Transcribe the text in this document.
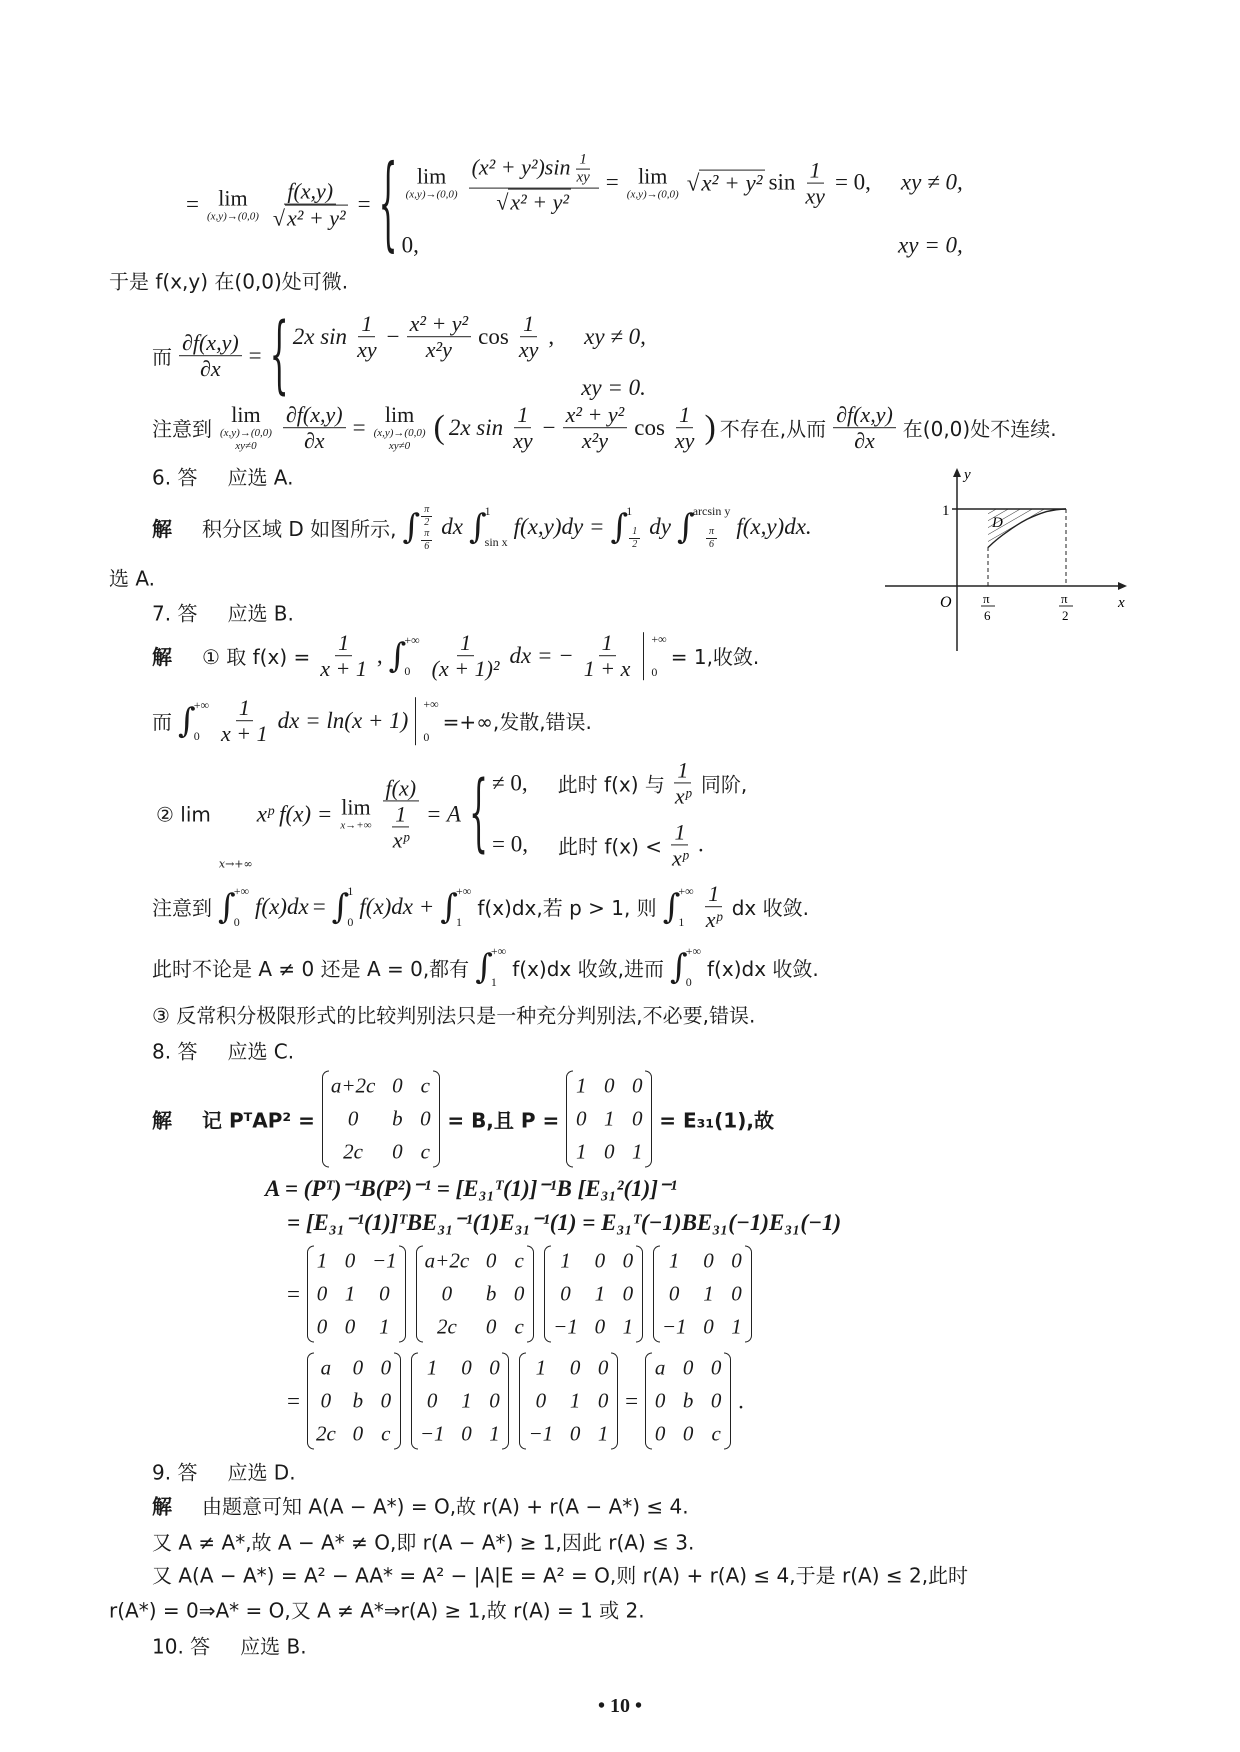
= lim
$(x,y)\to(0,0) \frac{f(x,y)}{\text{√ x² + y²}}$ = { lim
$(x,y)\to(0,0) \frac{(x^2 + y^2)\sin \frac{1}{xy}}{\text{√ x² + y²}} = \lim$
(x,y)→(0,0) √ x² + y² $\sin \frac{1}{xy} = 0$, xy ≠ 0,
0,	xy = 0,
于是 f(x,y) 在(0,0)处可微.
而 $\frac{\partial f(x,y)}{\partial x}$ = { 2x sin
1
xy
− $\frac{\text{x² + y²}}{\text{x²y}}$ cos
1
xy
, xy ≠ 0,
xy = 0.
注意到
lim
(x,y)→(0,0)
$xy\ne 0 \frac{\partial f(x,y)}{\partial x}$ =
lim
(x,y)→(0,0)
xy≠0 ( 2x sin
1
xy
− $\frac{\text{x² + y²}}{\text{x²y}}$ cos
1
xy ) 不存在,从而
∂f(x,y)
∂x 在(0,0)处不连续.
6. 答 应选 A.
解 积分区域 D 如图所示, ∫ π
2
π
6
dx ∫
1
sin x
f(x,y)dy = ∫
1
1
2
dy ∫
arcsin y
π
6
f(x,y)dx.
选 A.
y
x
O
1
D
π
6
π
2
7. 答 应选 B.
解 ① 取 $f(x) = \frac{1}{x + 1}$ , ∫
+∞
0
1
(x + 1)²
dx = − $\frac{1}{1 + x}$ +∞
0
= 1,收敛.
而 ∫
+∞
0
1
x + 1
dx = ln(x + 1)
+∞
0
=+∞,发散,错误.
② lim
x→+∞
xᵖ f(x) = lim
$x\to+\infty \frac{f(x)}{\frac{1}{\text{xᵖ}}} = A$ { ≠ 0, 此时 f(x) 与
1
xᵖ 同阶,
= 0, 此时 f(x) <
1
xᵖ
.
注意到 ∫
+∞
0
f(x)dx = ∫
1
0
f(x)dx + ∫
+∞
1
f(x)dx,若 p > 1, 则 ∫
+∞
1
1
xᵖ dx 收敛.
此时不论是 A ≠ 0 还是 A = 0,都有 ∫
+∞
1
f(x)dx 收敛,进而 ∫
+∞
0
f(x)dx 收敛.
③ 反常积分极限形式的比较判别法只是一种充分判别法,不必要,错误.
8. 答 应选 C.
解 记 PᵀAP² =
a+2c 0 c
0	b 0
2c	0 c
= B,且 P =
1 0 0
0 1 0
1 0 1
= E₃₁(1),故
A = (Pᵀ)⁻¹B(P²)⁻¹ = [E₃₁ᵀ(1)]⁻¹B [E₃₁²(1)]⁻¹
= [E₃₁⁻¹(1)]ᵀBE₃₁⁻¹(1)E₃₁⁻¹(1) = E₃₁ᵀ(−1)BE₃₁(−1)E₃₁(−1)
=
1 0 −1
0 1	0
0 0	1
a+2c 0 c
0	b 0
2c	0 c
1	0 0
0	1 0
−1 0 1
1	0 0
0	1 0
−1 0 1
=
a 0 0
0 b 0
2c 0 c
1	0 0
0	1 0
−1 0 1
1	0 0
0	1 0
−1 0 1
=
a 0 0
0 b 0
0 0 c
.
9. 答 应选 D.
解 由题意可知 A(A − A*) = O,故 r(A) + r(A − A*) ≤ 4.
又 A ≠ A*,故 A − A* ≠ O,即 r(A − A*) ≥ 1,因此 r(A) ≤ 3.
又 A(A − A*) = A² − AA* = A² − |A|E = A² = O,则 r(A) + r(A) ≤ 4,于是 r(A) ≤ 2,此时
r(A*) = 0⇒A* = O,又 A ≠ A*⇒r(A) ≥ 1,故 r(A) = 1 或 2.
10. 答 应选 B.
• 10 •
